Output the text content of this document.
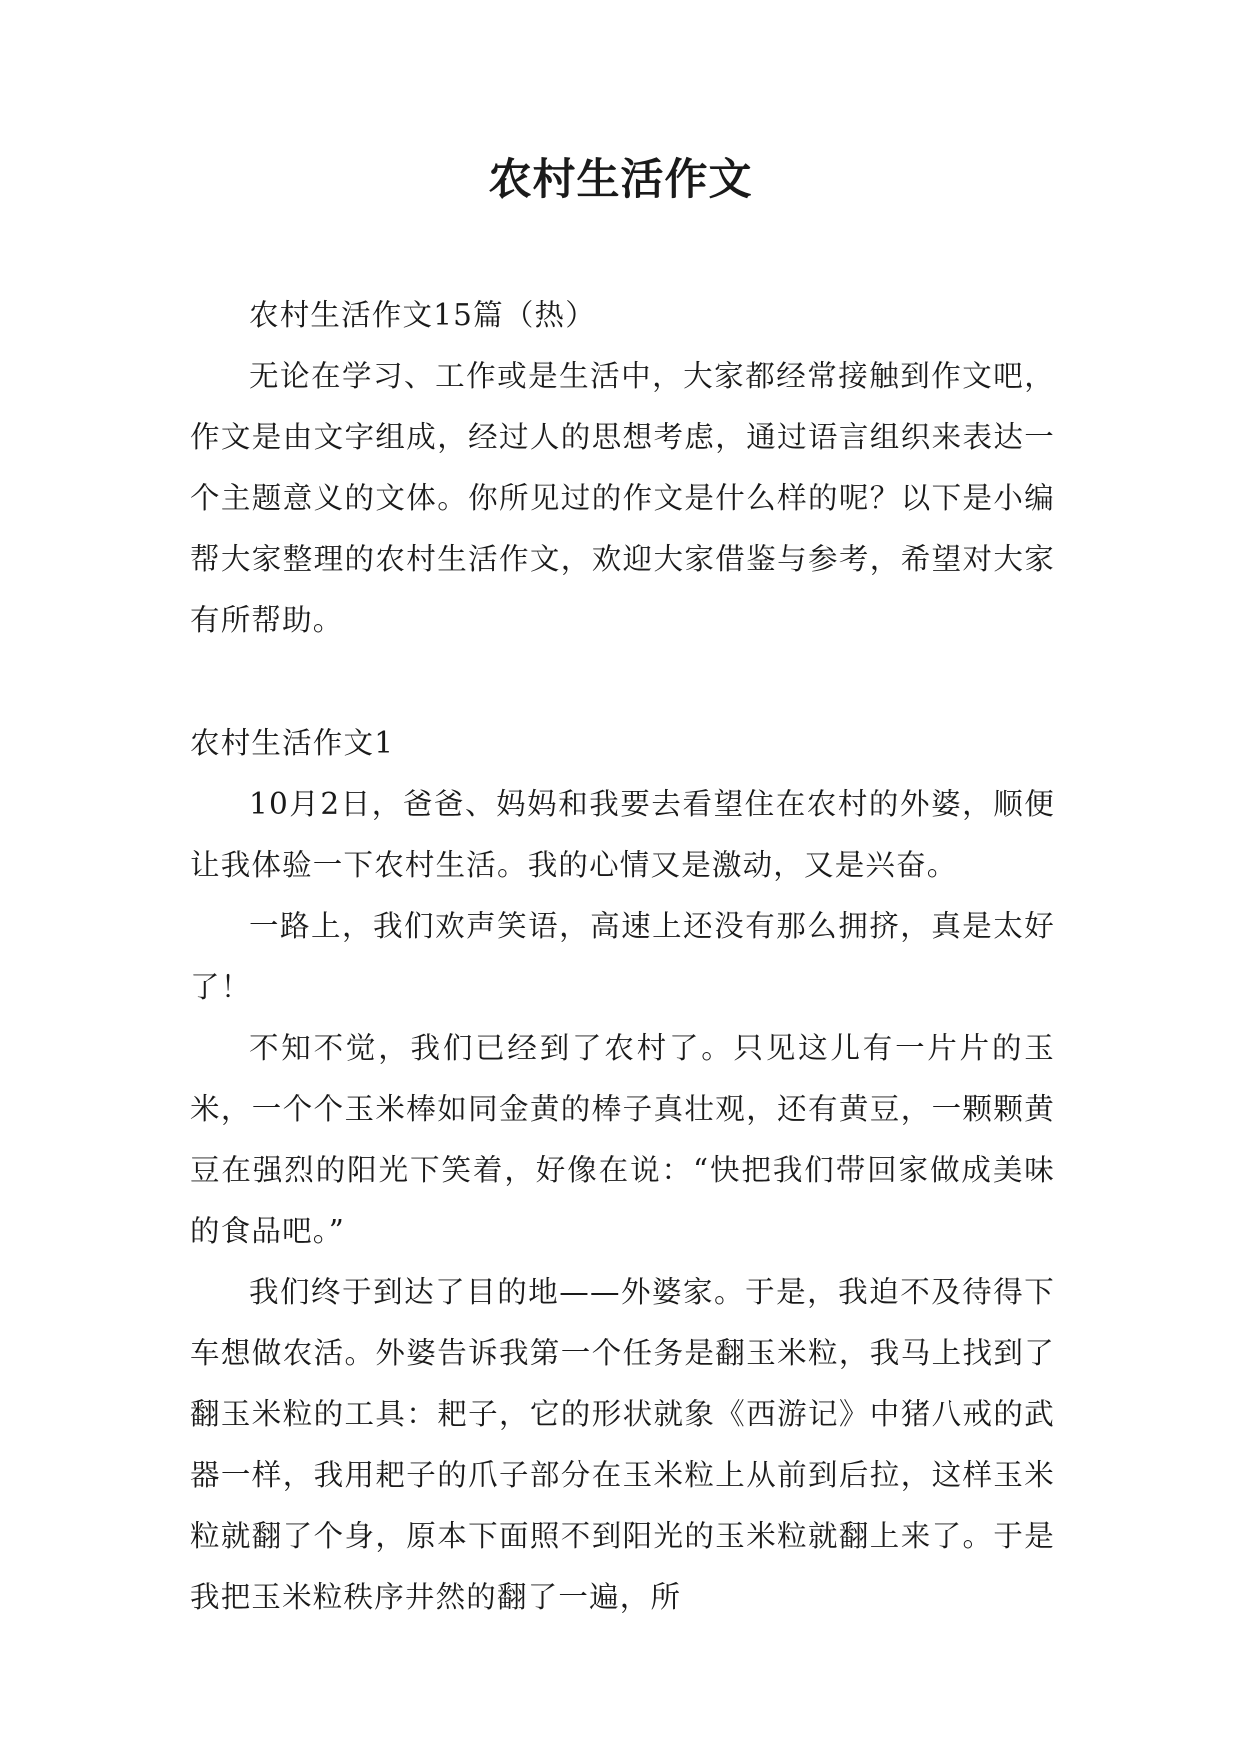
农村生活作文

农村生活作文15篇（热）

无论在学习、工作或是生活中，大家都经常接触到作文吧，作文是由文字组成，经过人的思想考虑，通过语言组织来表达一个主题意义的文体。你所见过的作文是什么样的呢？以下是小编帮大家整理的农村生活作文，欢迎大家借鉴与参考，希望对大家有所帮助。

农村生活作文1

10月2日，爸爸、妈妈和我要去看望住在农村的外婆，顺便让我体验一下农村生活。我的心情又是激动，又是兴奋。

一路上，我们欢声笑语，高速上还没有那么拥挤，真是太好了！

不知不觉，我们已经到了农村了。只见这儿有一片片的玉米，一个个玉米棒如同金黄的棒子真壮观，还有黄豆，一颗颗黄豆在强烈的阳光下笑着，好像在说：“快把我们带回家做成美味的食品吧。”

我们终于到达了目的地——外婆家。于是，我迫不及待得下车想做农活。外婆告诉我第一个任务是翻玉米粒，我马上找到了翻玉米粒的工具：耙子，它的形状就象《西游记》中猪八戒的武器一样，我用耙子的爪子部分在玉米粒上从前到后拉，这样玉米粒就翻了个身，原本下面照不到阳光的玉米粒就翻上来了。于是我把玉米粒秩序井然的翻了一遍，所
